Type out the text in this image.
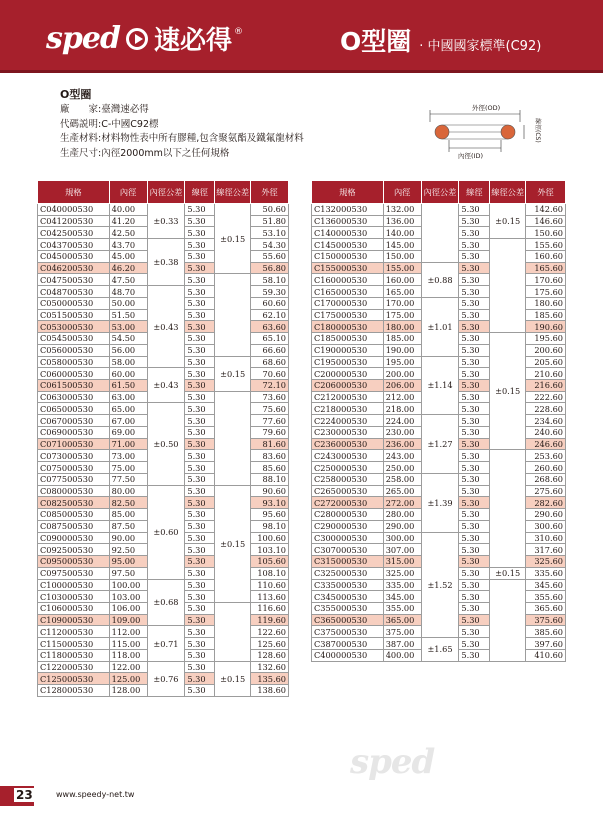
sped 速必得 ®	O型圈 · 中國國家標準(C92)
O型圈
廠　　家:臺灣速必得
代碼説明:C-中國C92標
生產材料:材料物性表中所有膠種,包含聚氨酯及鐵氟龍材料
生產尺寸:內徑2000mm以下之任何規格
外徑(OD)
內徑(ID)
線徑(CS)
規格	內徑	內徑公差	線徑	線徑公差	外徑
C040000530	40.00	±0.33	5.30	±0.15	50.60
C041200530	41.20		5.30		51.80
C042500530	42.50		5.30		53.10
C043700530	43.70	±0.38	5.30		54.30
C045000530	45.00		5.30		55.60
C046200530	46.20		5.30		56.80
C047500530	47.50		5.30		58.10
C048700530	48.70	±0.43	5.30		59.30
C050000530	50.00		5.30		60.60
C051500530	51.50		5.30		62.10
C053000530	53.00		5.30		63.60
C054500530	54.50		5.30		65.10
C056000530	56.00		5.30		66.60
C058000530	58.00		5.30	±0.15	68.60
C060000530	60.00	±0.43	5.30		70.60
C061500530	61.50		5.30		72.10
C063000530	63.00		5.30		73.60
C065000530	65.00	±0.50	5.30		75.60
C067000530	67.00		5.30		77.60
C069000530	69.00		5.30		79.60
C071000530	71.00		5.30		81.60
C073000530	73.00		5.30		83.60
C075000530	75.00		5.30		85.60
C077500530	77.50		5.30		88.10
C080000530	80.00	±0.60	5.30	±0.15	90.60
C082500530	82.50		5.30		93.10
C085000530	85.00		5.30		95.60
C087500530	87.50		5.30		98.10
C090000530	90.00		5.30		100.60
C092500530	92.50		5.30		103.10
C095000530	95.00		5.30		105.60
C097500530	97.50		5.30		108.10
C100000530	100.00	±0.68	5.30		110.60
C103000530	103.00		5.30		113.60
C106000530	106.00		5.30		116.60
C109000530	109.00		5.30		119.60
C112000530	112.00	±0.71	5.30		122.60
C115000530	115.00		5.30		125.60
C118000530	118.00		5.30		128.60
C122000530	122.00	±0.76	5.30	±0.15	132.60
C125000530	125.00		5.30		135.60
C128000530	128.00		5.30		138.60
規格	內徑	內徑公差	線徑	線徑公差	外徑
C132000530	132.00		5.30	±0.15	142.60
C136000530	136.00		5.30		146.60
C140000530	140.00		5.30		150.60
C145000530	145.00		5.30		155.60
C150000530	150.00		5.30		160.60
C155000530	155.00	±0.88	5.30		165.60
C160000530	160.00		5.30		170.60
C165000530	165.00		5.30		175.60
C170000530	170.00	±1.01	5.30		180.60
C175000530	175.00		5.30		185.60
C180000530	180.00		5.30		190.60
C185000530	185.00		5.30	±0.15	195.60
C190000530	190.00		5.30		200.60
C195000530	195.00	±1.14	5.30		205.60
C200000530	200.00		5.30		210.60
C206000530	206.00		5.30		216.60
C212000530	212.00		5.30		222.60
C218000530	218.00		5.30		228.60
C224000530	224.00	±1.27	5.30		234.60
C230000530	230.00		5.30		240.60
C236000530	236.00		5.30		246.60
C243000530	243.00		5.30		253.60
C250000530	250.00		5.30		260.60
C258000530	258.00	±1.39	5.30		268.60
C265000530	265.00		5.30		275.60
C272000530	272.00		5.30		282.60
C280000530	280.00		5.30		290.60
C290000530	290.00		5.30		300.60
C300000530	300.00	±1.52	5.30		310.60
C307000530	307.00		5.30		317.60
C315000530	315.00		5.30		325.60
C325000530	325.00		5.30	±0.15	335.60
C335000530	335.00		5.30		345.60
C345000530	345.00		5.30		355.60
C355000530	355.00		5.30		365.60
C365000530	365.00		5.30		375.60
C375000530	375.00		5.30		385.60
C387000530	387.00	±1.65	5.30		397.60
C400000530	400.00		5.30		410.60
sped
23	www.speedy-net.tw
